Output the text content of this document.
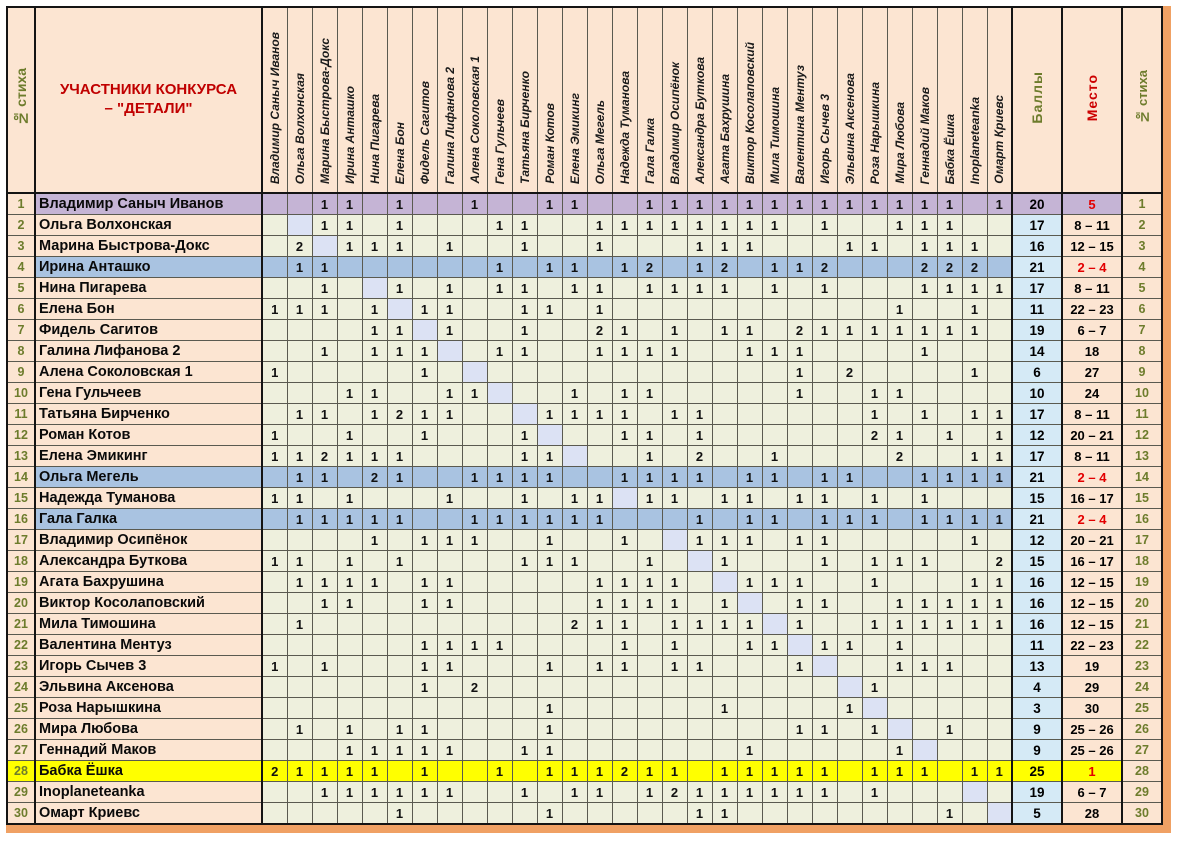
№ стиха	УЧАСТНИКИ КОНКУРСА
– "ДЕТАЛИ"	Владимир Саныч Иванов	Ольга Волхонская	Марина Быстрова-Докс	Ирина Анташко	Нина Пигарева	Елена Бон	Фидель Сагитов	Галина Лифанова 2	Алена Соколовская 1	Гена Гульчеев	Татьяна Бирченко	Роман Котов	Елена Эмикинг	Ольга Мегель	Надежда Туманова	Гала Галка	Владимир Осипёнок	Александра Буткова	Агата Бахрушина	Виктор Косолаповский	Мила Тимошина	Валентина Ментуз	Игорь Сычев 3	Эльвина Аксенова	Роза Нарышкина	Мира Любова	Геннадий Маков	Бабка Ёшка	Inoplaneteanka	Омарт Криевс	Баллы	Место	№ стиха
1	Владимир Саныч Иванов			1	1		1			1			1	1			1	1	1	1	1	1	1	1	1	1	1	1	1		1	20	5	1
2	Ольга Волхонская			1	1		1				1	1			1	1	1	1	1	1	1	1		1			1	1	1			17	8 – 11	2
3	Марина Быстрова-Докс		2		1	1	1		1			1			1				1	1	1				1	1		1	1	1		16	12 – 15	3
4	Ирина Анташко		1	1							1		1	1		1	2		1	2		1	1	2				2	2	2		21	2 – 4	4
5	Нина Пигарева			1			1		1		1	1		1	1		1	1	1	1		1		1				1	1	1	1	17	8 – 11	5
6	Елена Бон	1	1	1		1		1	1			1	1		1												1			1		11	22 – 23	6
7	Фидель Сагитов					1	1		1			1			2	1		1		1	1		2	1	1	1	1	1	1	1		19	6 – 7	7
8	Галина Лифанова 2			1		1	1	1			1	1			1	1	1	1			1	1	1					1				14	18	8
9	Алена Соколовская 1	1						1															1		2					1		6	27	9
10	Гена Гульчеев				1	1			1	1				1		1	1						1			1	1					10	24	10
11	Татьяна Бирченко		1	1		1	2	1	1				1	1	1	1		1	1							1		1		1	1	17	8 – 11	11
12	Роман Котов	1			1			1				1				1	1		1							2	1		1		1	12	20 – 21	12
13	Елена Эмикинг	1	1	2	1	1	1					1	1				1		2			1					2			1	1	17	8 – 11	13
14	Ольга Мегель		1	1		2	1			1	1	1	1			1	1	1	1		1	1		1	1			1	1	1	1	21	2 – 4	14
15	Надежда Туманова	1	1		1				1			1		1	1		1	1		1	1		1	1		1		1				15	16 – 17	15
16	Гала Галка		1	1	1	1	1			1	1	1	1	1	1				1		1	1		1	1	1		1	1	1	1	21	2 – 4	16
17	Владимир Осипёнок					1		1	1	1			1			1			1	1	1		1	1						1		12	20 – 21	17
18	Александра Буткова	1	1		1		1					1	1	1			1			1				1		1	1	1			2	15	16 – 17	18
19	Агата Бахрушина		1	1	1	1		1	1						1	1	1	1			1	1	1			1				1	1	16	12 – 15	19
20	Виктор Косолаповский			1	1			1	1						1	1	1	1		1			1	1			1	1	1	1	1	16	12 – 15	20
21	Мила Тимошина		1											2	1	1		1	1	1	1		1			1	1	1	1	1	1	16	12 – 15	21
22	Валентина Ментуз							1	1	1	1					1		1			1	1		1	1		1					11	22 – 23	22
23	Игорь Сычев 3	1		1				1	1				1		1	1		1	1				1				1	1	1			13	19	23
24	Эльвина Аксенова							1		2																1						4	29	24
25	Роза Нарышкина												1							1					1							3	30	25
26	Мира Любова		1		1		1	1					1										1	1		1			1			9	25 – 26	26
27	Геннадий Маков				1	1	1	1	1			1	1								1						1					9	25 – 26	27
28	Бабка Ёшка	2	1	1	1	1		1			1		1	1	1	2	1	1		1	1	1	1	1		1	1	1		1	1	25	1	28
29	Inoplaneteanka			1	1	1	1	1	1			1		1	1		1	2	1	1	1	1	1	1		1						19	6 – 7	29
30	Омарт Криевс						1						1						1	1									1			5	28	30
